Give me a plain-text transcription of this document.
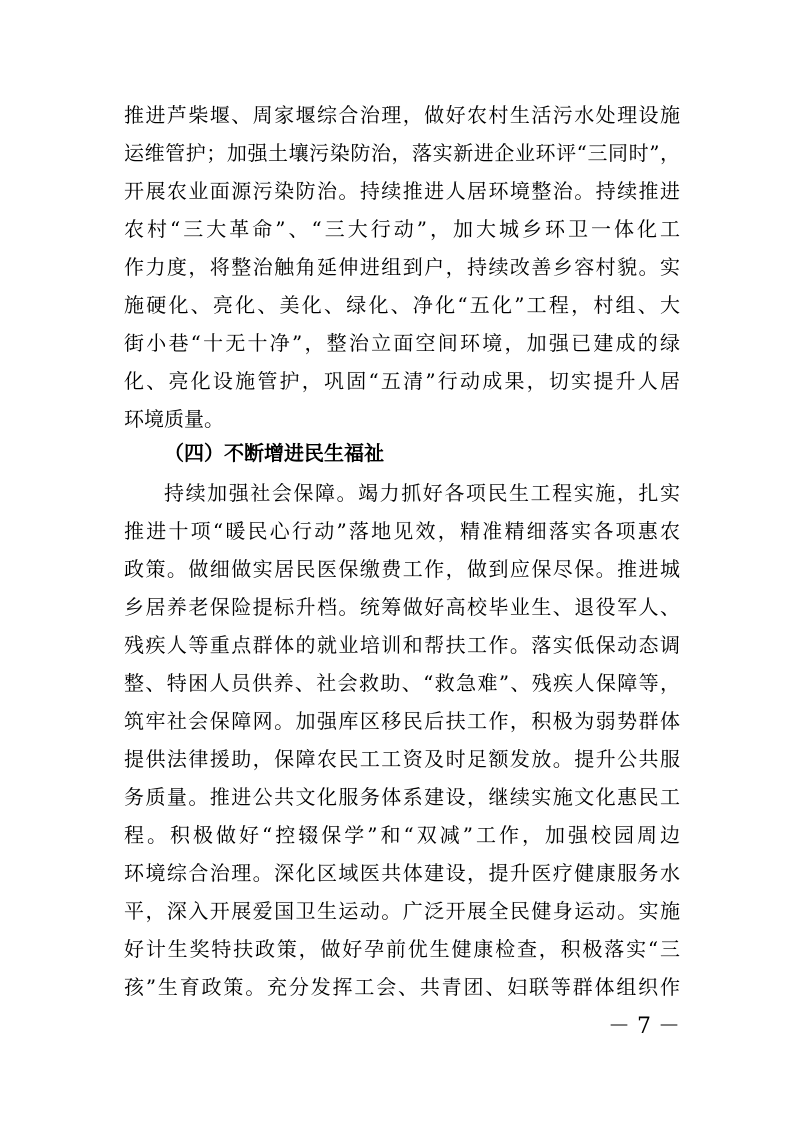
推进芦柴堰、周家堰综合治理，做好农村生活污水处理设施
运维管护；加强土壤污染防治，落实新进企业环评“三同时”，
开展农业面源污染防治。持续推进人居环境整治。持续推进
农村“三大革命”、“三大行动”，加大城乡环卫一体化工
作力度，将整治触角延伸进组到户，持续改善乡容村貌。实
施硬化、亮化、美化、绿化、净化“五化”工程，村组、大
街小巷“十无十净”，整治立面空间环境，加强已建成的绿
化、亮化设施管护，巩固“五清”行动成果，切实提升人居
环境质量。
（四）不断增进民生福祉
持续加强社会保障。竭力抓好各项民生工程实施，扎实
推进十项“暖民心行动”落地见效，精准精细落实各项惠农
政策。做细做实居民医保缴费工作，做到应保尽保。推进城
乡居养老保险提标升档。统筹做好高校毕业生、退役军人、
残疾人等重点群体的就业培训和帮扶工作。落实低保动态调
整、特困人员供养、社会救助、“救急难”、残疾人保障等，
筑牢社会保障网。加强库区移民后扶工作，积极为弱势群体
提供法律援助，保障农民工工资及时足额发放。提升公共服
务质量。推进公共文化服务体系建设，继续实施文化惠民工
程。积极做好“控辍保学”和“双减”工作，加强校园周边
环境综合治理。深化区域医共体建设，提升医疗健康服务水
平，深入开展爱国卫生运动。广泛开展全民健身运动。实施
好计生奖特扶政策，做好孕前优生健康检查，积极落实“三
孩”生育政策。充分发挥工会、共青团、妇联等群体组织作
－ 7 －
